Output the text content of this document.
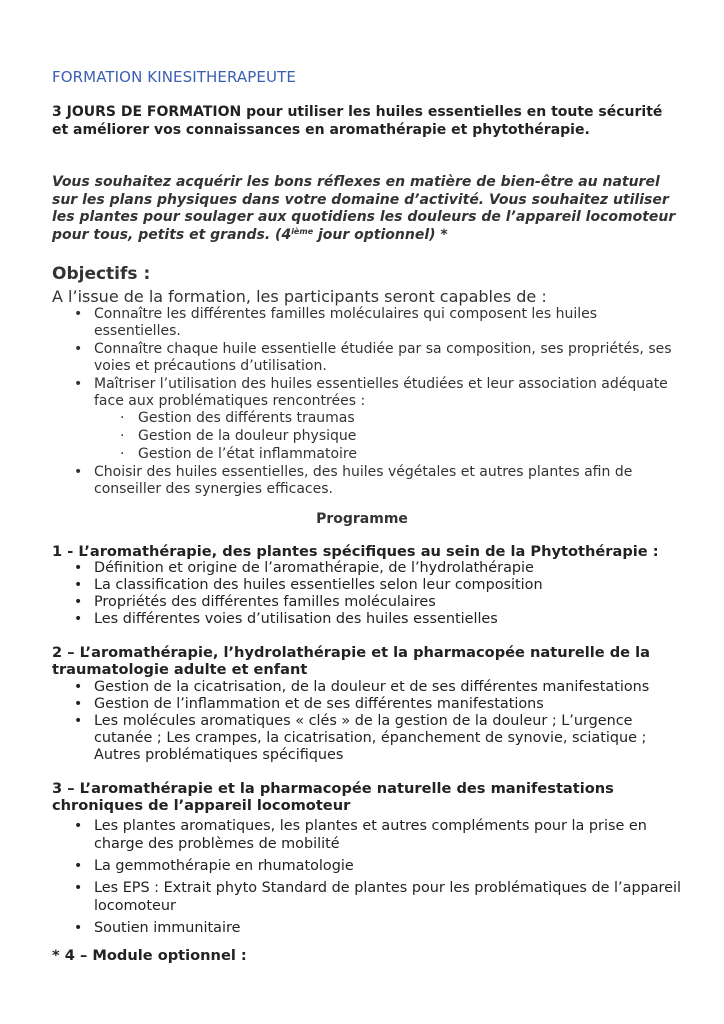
FORMATION KINESITHERAPEUTE
3 JOURS DE FORMATION pour utiliser les huiles essentielles en toute sécurité et améliorer vos connaissances en aromathérapie et phytothérapie.
Vous souhaitez acquérir les bons réflexes en matière de bien-être au naturel sur les plans physiques dans votre domaine d’activité. Vous souhaitez utiliser les plantes pour soulager aux quotidiens les douleurs de l’appareil locomoteur pour tous, petits et grands. (4ième jour optionnel) *
Objectifs :
A l’issue de la formation, les participants seront capables de :
• Connaître les différentes familles moléculaires qui composent les huiles essentielles.
• Connaître chaque huile essentielle étudiée par sa composition, ses propriétés, ses voies et précautions d’utilisation.
• Maîtriser l’utilisation des huiles essentielles étudiées et leur association adéquate face aux problématiques rencontrées :
· Gestion des différents traumas
· Gestion de la douleur physique
· Gestion de l’état inflammatoire
• Choisir des huiles essentielles, des huiles végétales et autres plantes afin de conseiller des synergies efficaces.
Programme
1 - L’aromathérapie, des plantes spécifiques au sein de la Phytothérapie :
• Définition et origine de l’aromathérapie, de l’hydrolathérapie
• La classification des huiles essentielles selon leur composition
• Propriétés des différentes familles moléculaires
• Les différentes voies d’utilisation des huiles essentielles
2 – L’aromathérapie, l’hydrolathérapie et la pharmacopée naturelle de la traumatologie adulte et enfant
• Gestion de la cicatrisation, de la douleur et de ses différentes manifestations
• Gestion de l’inflammation et de ses différentes manifestations
• Les molécules aromatiques « clés » de la gestion de la douleur ; L’urgence cutanée ; Les crampes, la cicatrisation, épanchement de synovie, sciatique ; Autres problématiques spécifiques
3 – L’aromathérapie et la pharmacopée naturelle des manifestations chroniques de l’appareil locomoteur
• Les plantes aromatiques, les plantes et autres compléments pour la prise en charge des problèmes de mobilité
• La gemmothérapie en rhumatologie
• Les EPS : Extrait phyto Standard de plantes pour les problématiques de l’appareil locomoteur
• Soutien immunitaire
* 4 – Module optionnel :
